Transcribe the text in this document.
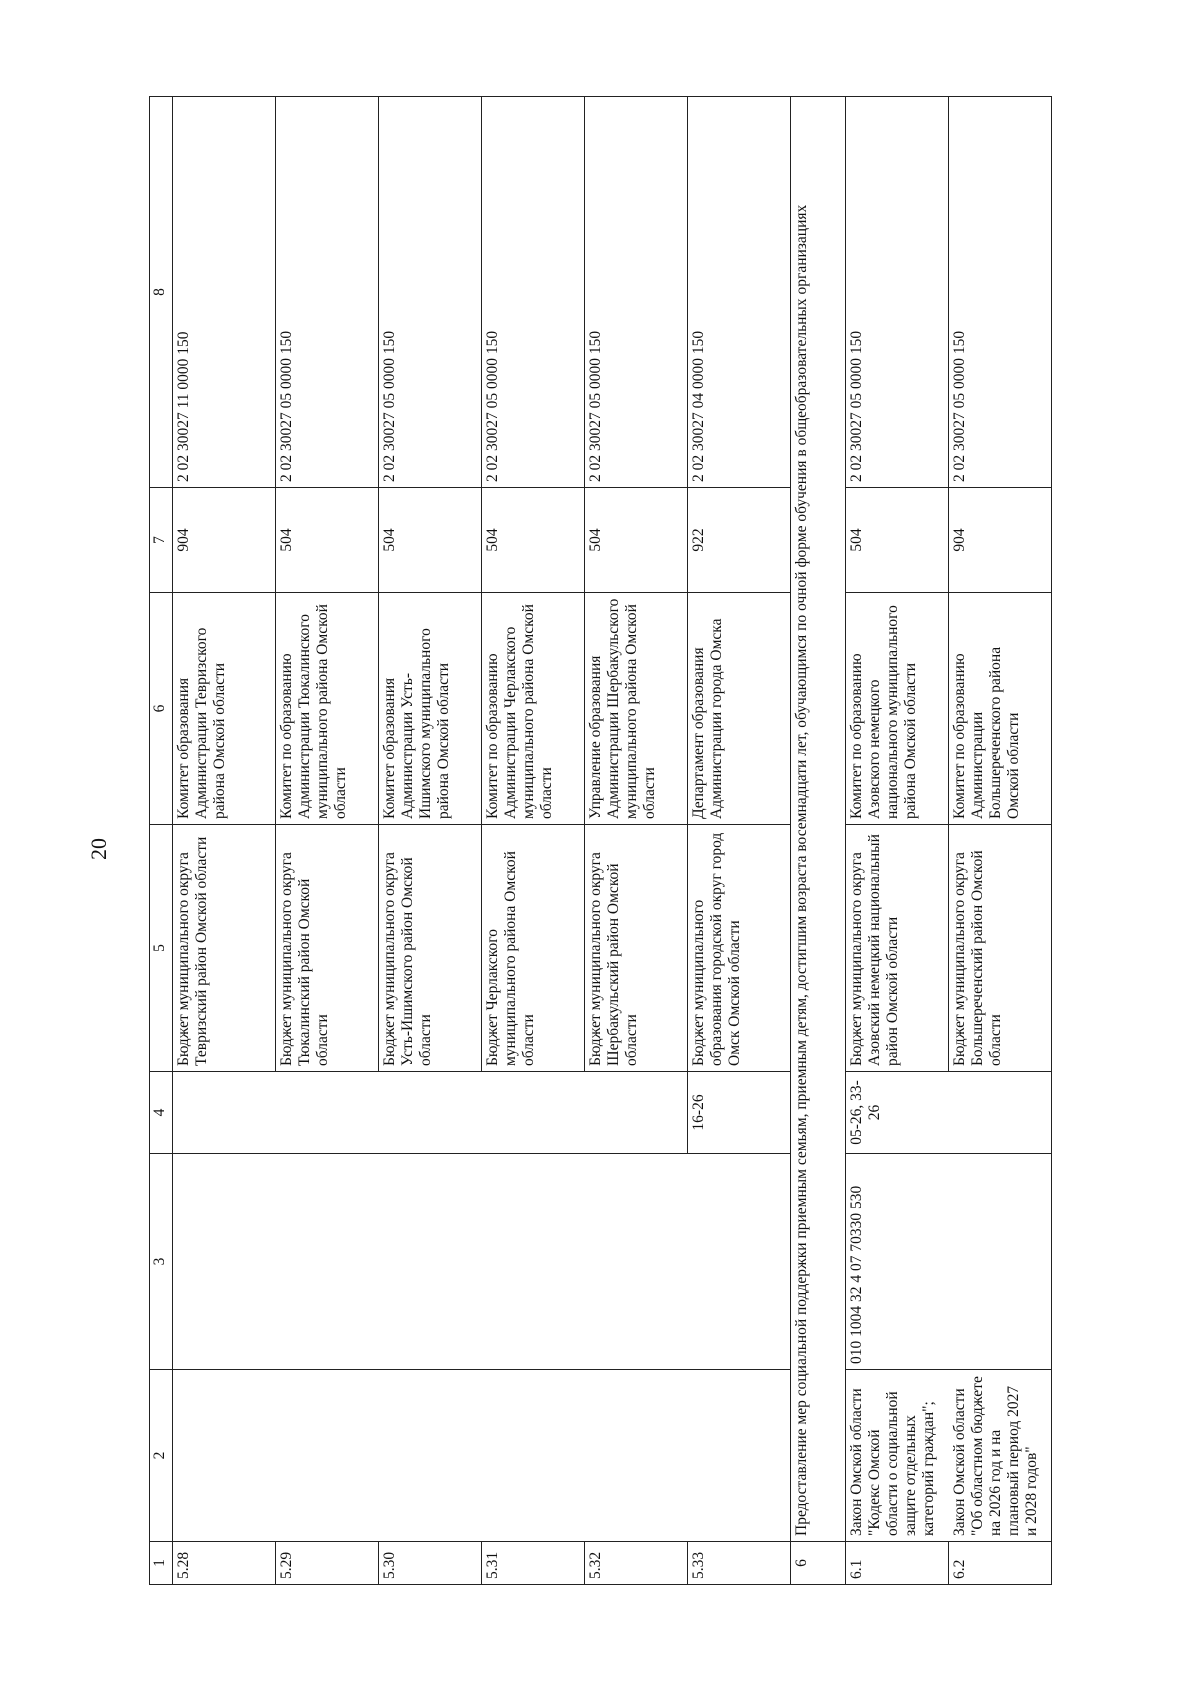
20
1	2	3	4	5	6	7	8
5.28				Бюджет муниципального округа Тевризский район Омской области	Комитет образования Администрации Тевризского района Омской области	904	2 02 30027 11 0000 150
5.29				Бюджет муниципального округа Тюкалинский район Омской области	Комитет по образованию Администрации Тюкалинского муниципального района Омской области	504	2 02 30027 05 0000 150
5.30				Бюджет муниципального округа Усть-Ишимского район Омской области	Комитет образования Администрации Усть-Ишимского муниципального района Омской области	504	2 02 30027 05 0000 150
5.31				Бюджет Черлакского муниципального района Омской области	Комитет по образованию Администрации Черлакского муниципального района Омской области	504	2 02 30027 05 0000 150
5.32				Бюджет муниципального округа Шербакульский район Омской области	Управление образования Администрации Шербакульского муниципального района Омской области	504	2 02 30027 05 0000 150
5.33			16-26	Бюджет муниципального образования городской округ город Омск Омской области	Департамент образования Администрации города Омска	922	2 02 30027 04 0000 150
6	Предоставление мер социальной поддержки приемным семьям, приемным детям, достигшим возраста восемнадцати лет, обучающимся по очной форме обучения в общеобразовательных организациях						
6.1	Закон Омской области "Кодекс Омской области о социальной защите отдельных категорий граждан";	010 1004 32 4 07 70330 530	05-26, 33-26	Бюджет муниципального округа Азовский немецкий национальный район Омской области	Комитет по образованию Азовского немецкого национального муниципального района Омской области	504	2 02 30027 05 0000 150
6.2	Закон Омской области "Об областном бюджете на 2026 год и на плановый период 2027 и 2028 годов"			Бюджет муниципального округа Большереченский район Омской области	Комитет по образованию Администрации Большереченского района Омской области	904	2 02 30027 05 0000 150
